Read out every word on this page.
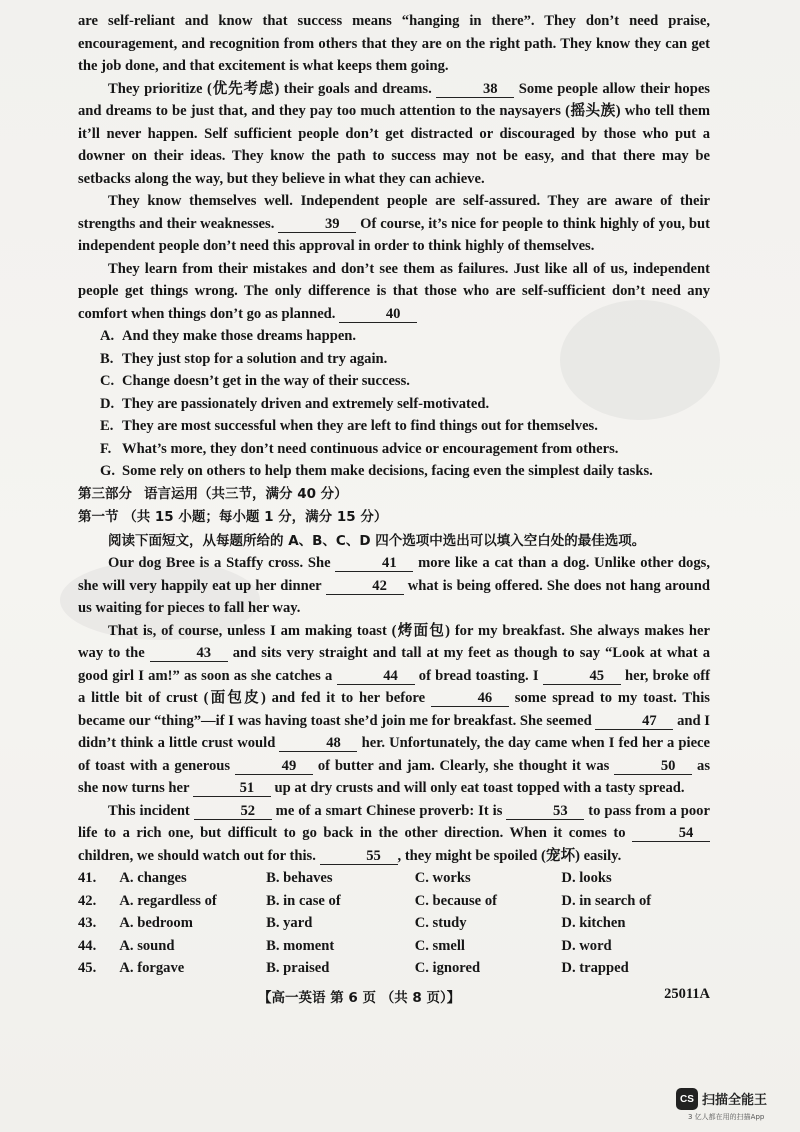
are self-reliant and know that success means “hanging in there”. They don’t need praise, encouragement, and recognition from others that they are on the right path. They know they can get the job done, and that excitement is what keeps them going.

They prioritize (优先考虑) their goals and dreams.	38 Some people allow their hopes and dreams to be just that, and they pay too much attention to the naysayers (摇头族) who tell them it’ll never happen. Self sufficient people don’t get distracted or discouraged by those who put a downer on their ideas. They know the path to success may not be easy, and that there may be setbacks along the way, but they believe in what they can achieve.

They know themselves well. Independent people are self-assured. They are aware of their strengths and their weaknesses.	39 Of course, it’s nice for people to think highly of you, but independent people don’t need this approval in order to think highly of themselves.

They learn from their mistakes and don’t see them as failures. Just like all of us, independent people get things wrong. The only difference is that those who are self-sufficient don’t need any comfort when things don’t go as planned.	40

A. And they make those dreams happen.

B. They just stop for a solution and try again.

C. Change doesn’t get in the way of their success.

D. They are passionately driven and extremely self-motivated.

E. They are most successful when they are left to find things out for themselves.

F. What’s more, they don’t need continuous advice or encouragement from others.

G. Some rely on others to help them make decisions, facing even the simplest daily tasks.

第三部分 语言运用（共三节，满分 40 分）

第一节 （共 15 小题；每小题 1 分，满分 15 分）

阅读下面短文，从每题所给的 A、B、C、D 四个选项中选出可以填入空白处的最佳选项。

Our dog Bree is a Staffy cross. She	41 more like a cat than a dog. Unlike other dogs, she will very happily eat up her dinner	42 what is being offered. She does not hang around us waiting for pieces to fall her way.

That is, of course, unless I am making toast (烤面包) for my breakfast. She always makes her way to the	43 and sits very straight and tall at my feet as though to say “Look at what a good girl I am!” as soon as she catches a	44 of bread toasting. I	45 her, broke off a little bit of crust (面包皮) and fed it to her before	46 some spread to my toast. This became our “thing”—if I was having toast she’d join me for breakfast. She seemed	47 and I didn’t think a little crust would	48 her. Unfortunately, the day came when I fed her a piece of toast with a generous	49 of butter and jam. Clearly, she thought it was	50 as she now turns her	51 up at dry crusts and will only eat toast topped with a tasty spread.

This incident	52 me of a smart Chinese proverb: It is	53 to pass from a poor life to a rich one, but difficult to go back in the other direction. When it comes to	54 children, we should watch out for this.	55 , they might be spoiled (宠坏) easily.

41.	A. changes	B. behaves	C. works	D. looks
42.	A. regardless of	B. in case of	C. because of	D. in search of
43.	A. bedroom	B. yard	C. study	D. kitchen
44.	A. sound	B. moment	C. smell	D. word
45.	A. forgave	B. praised	C. ignored	D. trapped
【高一英语 第 6 页 （共 8 页）】	25011A
CS 扫描全能王
3 亿人都在用的扫描App
